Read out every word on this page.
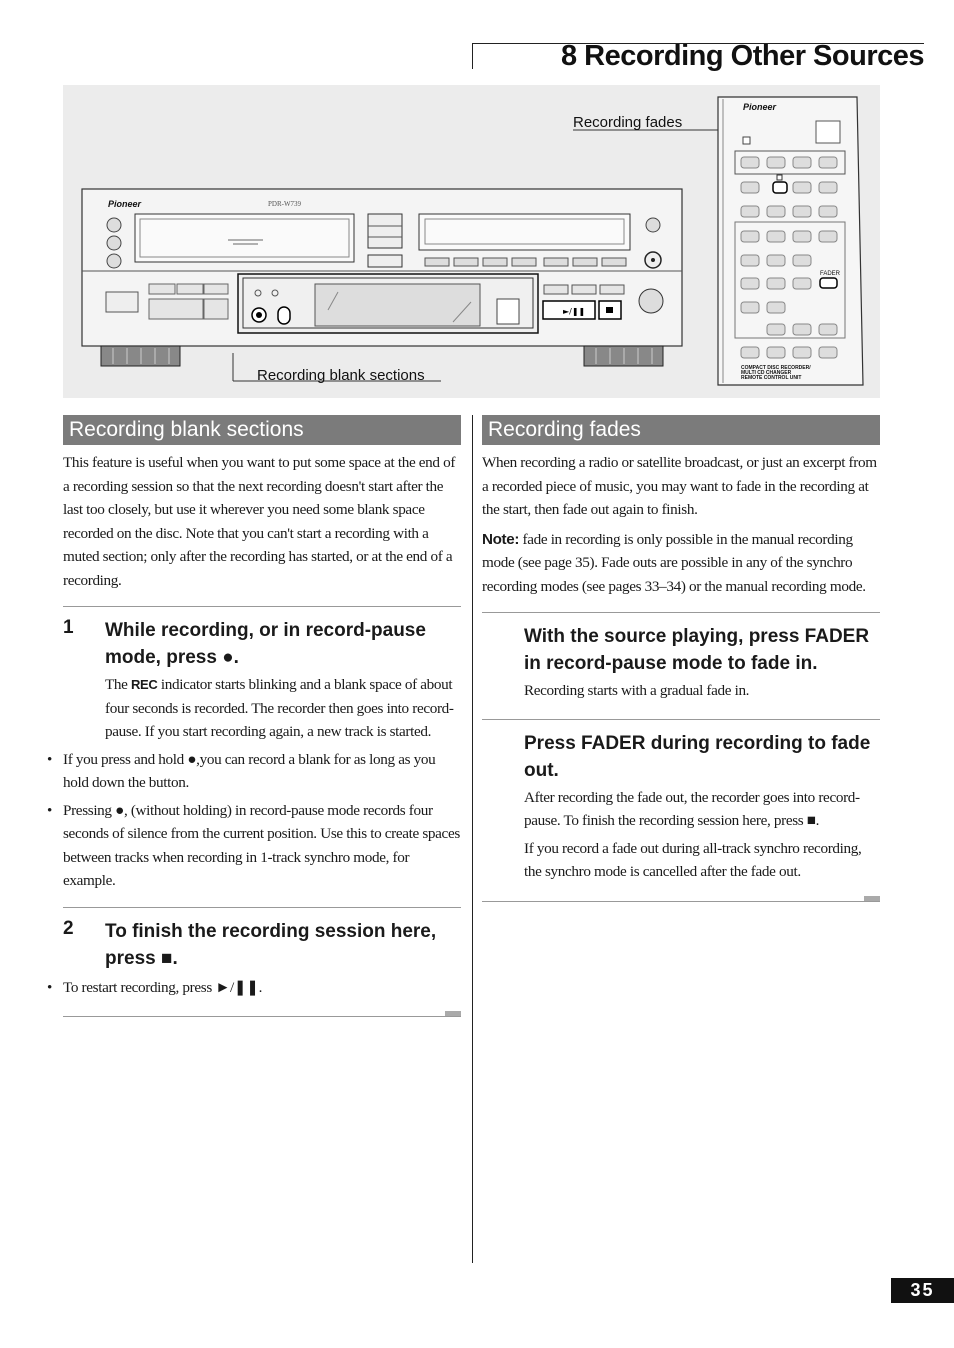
8 Recording Other Sources
Pioneer	PDR-W739
►/❚❚
Pioneer
FADER
COMPACT DISC RECORDER/
MULTI CD CHANGER
REMOTE CONTROL UNIT
Recording fades
Recording blank sections
Recording blank sections

This feature is useful when you want to put some space at the end of a recording session so that the next recording doesn't start after the last too closely, but use it wherever you need some blank space recorded on the disc. Note that you can't start a recording with a muted section; only after the recording has started, or at the end of a recording.

1 While recording, or in record-pause mode, press ●.
The REC indicator starts blinking and a blank space of about four seconds is recorded. The recorder then goes into record-pause. If you start recording again, a new track is started.
• If you press and hold ●,you can record a blank for as long as you hold down the button.
• Pressing ●, (without holding) in record-pause mode records four seconds of silence from the current position. Use this to create spaces between tracks when recording in 1-track synchro mode, for example.
2 To finish the recording session here, press ■.
• To restart recording, press ►/❚❚.
Recording fades

When recording a radio or satellite broadcast, or just an excerpt from a recorded piece of music, you may want to fade in the recording at the start, then fade out again to finish.

Note: fade in recording is only possible in the manual recording mode (see page 35). Fade outs are possible in any of the synchro recording modes (see pages 33–34) or the manual recording mode.

With the source playing, press FADER in record-pause mode to fade in.
Recording starts with a gradual fade in.
Press FADER during recording to fade out.
After recording the fade out, the recorder goes into record-pause. To finish the recording session here, press ■.
If you record a fade out during all-track synchro recording, the synchro mode is cancelled after the fade out.
35
